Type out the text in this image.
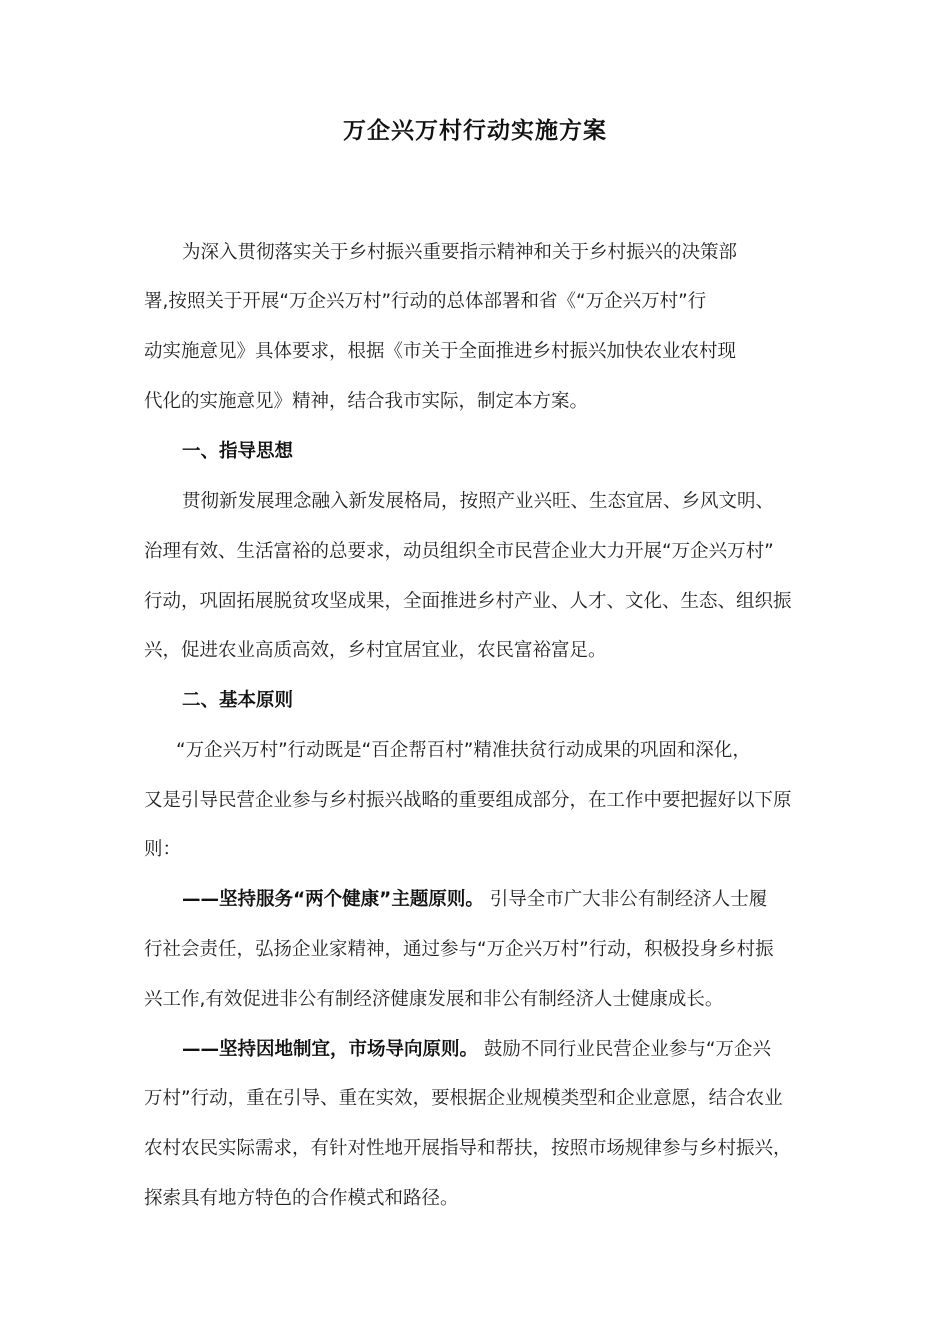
万企兴万村行动实施方案
为深入贯彻落实关于乡村振兴重要指示精神和关于乡村振兴的决策部
署,按照关于开展“万企兴万村”行动的总体部署和省《“万企兴万村”行
动实施意见》具体要求，根据《市关于全面推进乡村振兴加快农业农村现
代化的实施意见》精神，结合我市实际，制定本方案。
一、指导思想
贯彻新发展理念融入新发展格局，按照产业兴旺、生态宜居、乡风文明、
治理有效、生活富裕的总要求，动员组织全市民营企业大力开展“万企兴万村”
行动，巩固拓展脱贫攻坚成果，全面推进乡村产业、人才、文化、生态、组织振
兴，促进农业高质高效，乡村宜居宜业，农民富裕富足。
二、基本原则
“万企兴万村”行动既是“百企帮百村”精准扶贫行动成果的巩固和深化，
又是引导民营企业参与乡村振兴战略的重要组成部分，在工作中要把握好以下原
则：
——坚持服务“两个健康”主题原则。 引导全市广大非公有制经济人士履
行社会责任，弘扬企业家精神，通过参与“万企兴万村”行动，积极投身乡村振
兴工作,有效促进非公有制经济健康发展和非公有制经济人士健康成长。
——坚持因地制宜，市场导向原则。 鼓励不同行业民营企业参与“万企兴
万村”行动，重在引导、重在实效，要根据企业规模类型和企业意愿，结合农业
农村农民实际需求，有针对性地开展指导和帮扶，按照市场规律参与乡村振兴，
探索具有地方特色的合作模式和路径。
